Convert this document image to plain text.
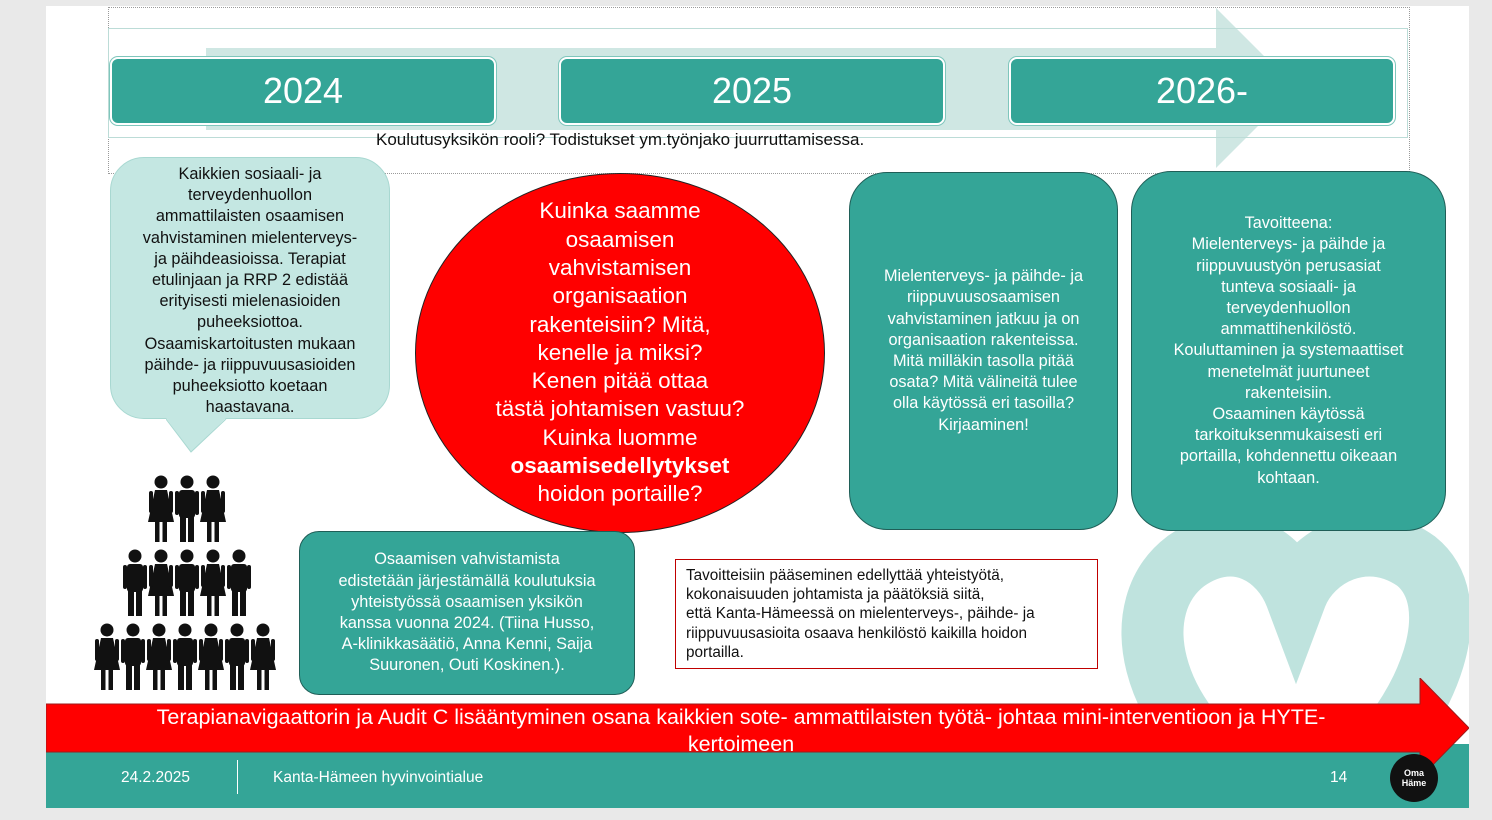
2024	2025	2026-
Koulutusyksikön rooli? Todistukset ym.työnjako juurruttamisessa.
Kaikkien sosiaali- ja
terveydenhuollon
ammattilaisten osaamisen
vahvistaminen mielenterveys-
ja päihdeasioissa. Terapiat
etulinjaan ja RRP 2 edistää
erityisesti mielenasioiden
puheeksiottoa.
Osaamiskartoitusten mukaan
päihde- ja riippuvuusasioiden
puheeksiotto koetaan
haastavana.
Kuinka saamme
osaamisen
vahvistamisen
organisaation
rakenteisiin? Mitä,
kenelle ja miksi?
Kenen pitää ottaa
tästä johtamisen vastuu?
Kuinka luomme
osaamisedellytykset
hoidon portaille?
Mielenterveys- ja päihde- ja
riippuvuusosaamisen
vahvistaminen jatkuu ja on
organisaation rakenteissa.
Mitä milläkin tasolla pitää
osata? Mitä välineitä tulee
olla käytössä eri tasoilla?
Kirjaaminen!
Tavoitteena:
Mielenterveys- ja päihde ja
riippuvuustyön perusasiat
tunteva sosiaali- ja
terveydenhuollon
ammattihenkilöstö.
Kouluttaminen ja systemaattiset
menetelmät juurtuneet
rakenteisiin.
Osaaminen käytössä
tarkoituksenmukaisesti eri
portailla, kohdennettu oikeaan
kohtaan.
Osaamisen vahvistamista
edistetään järjestämällä koulutuksia
yhteistyössä osaamisen yksikön
kanssa vuonna 2024. (Tiina Husso,
A-klinikkasäätiö, Anna Kenni, Saija
Suuronen, Outi Koskinen.).
Tavoitteisiin pääseminen edellyttää yhteistyötä,
kokonaisuuden johtamista ja päätöksiä siitä,
että Kanta-Hämeessä on mielenterveys-, päihde- ja
riippuvuusasioita osaava henkilöstö kaikilla hoidon
portailla.
24.2.2025	Kanta-Hämeen hyvinvointialue	14
Terapianavigaattorin ja Audit C lisääntyminen osana kaikkien sote- ammattilaisten työtä- johtaa mini-interventioon ja HYTE-
kertoimeen
Oma
Häme
